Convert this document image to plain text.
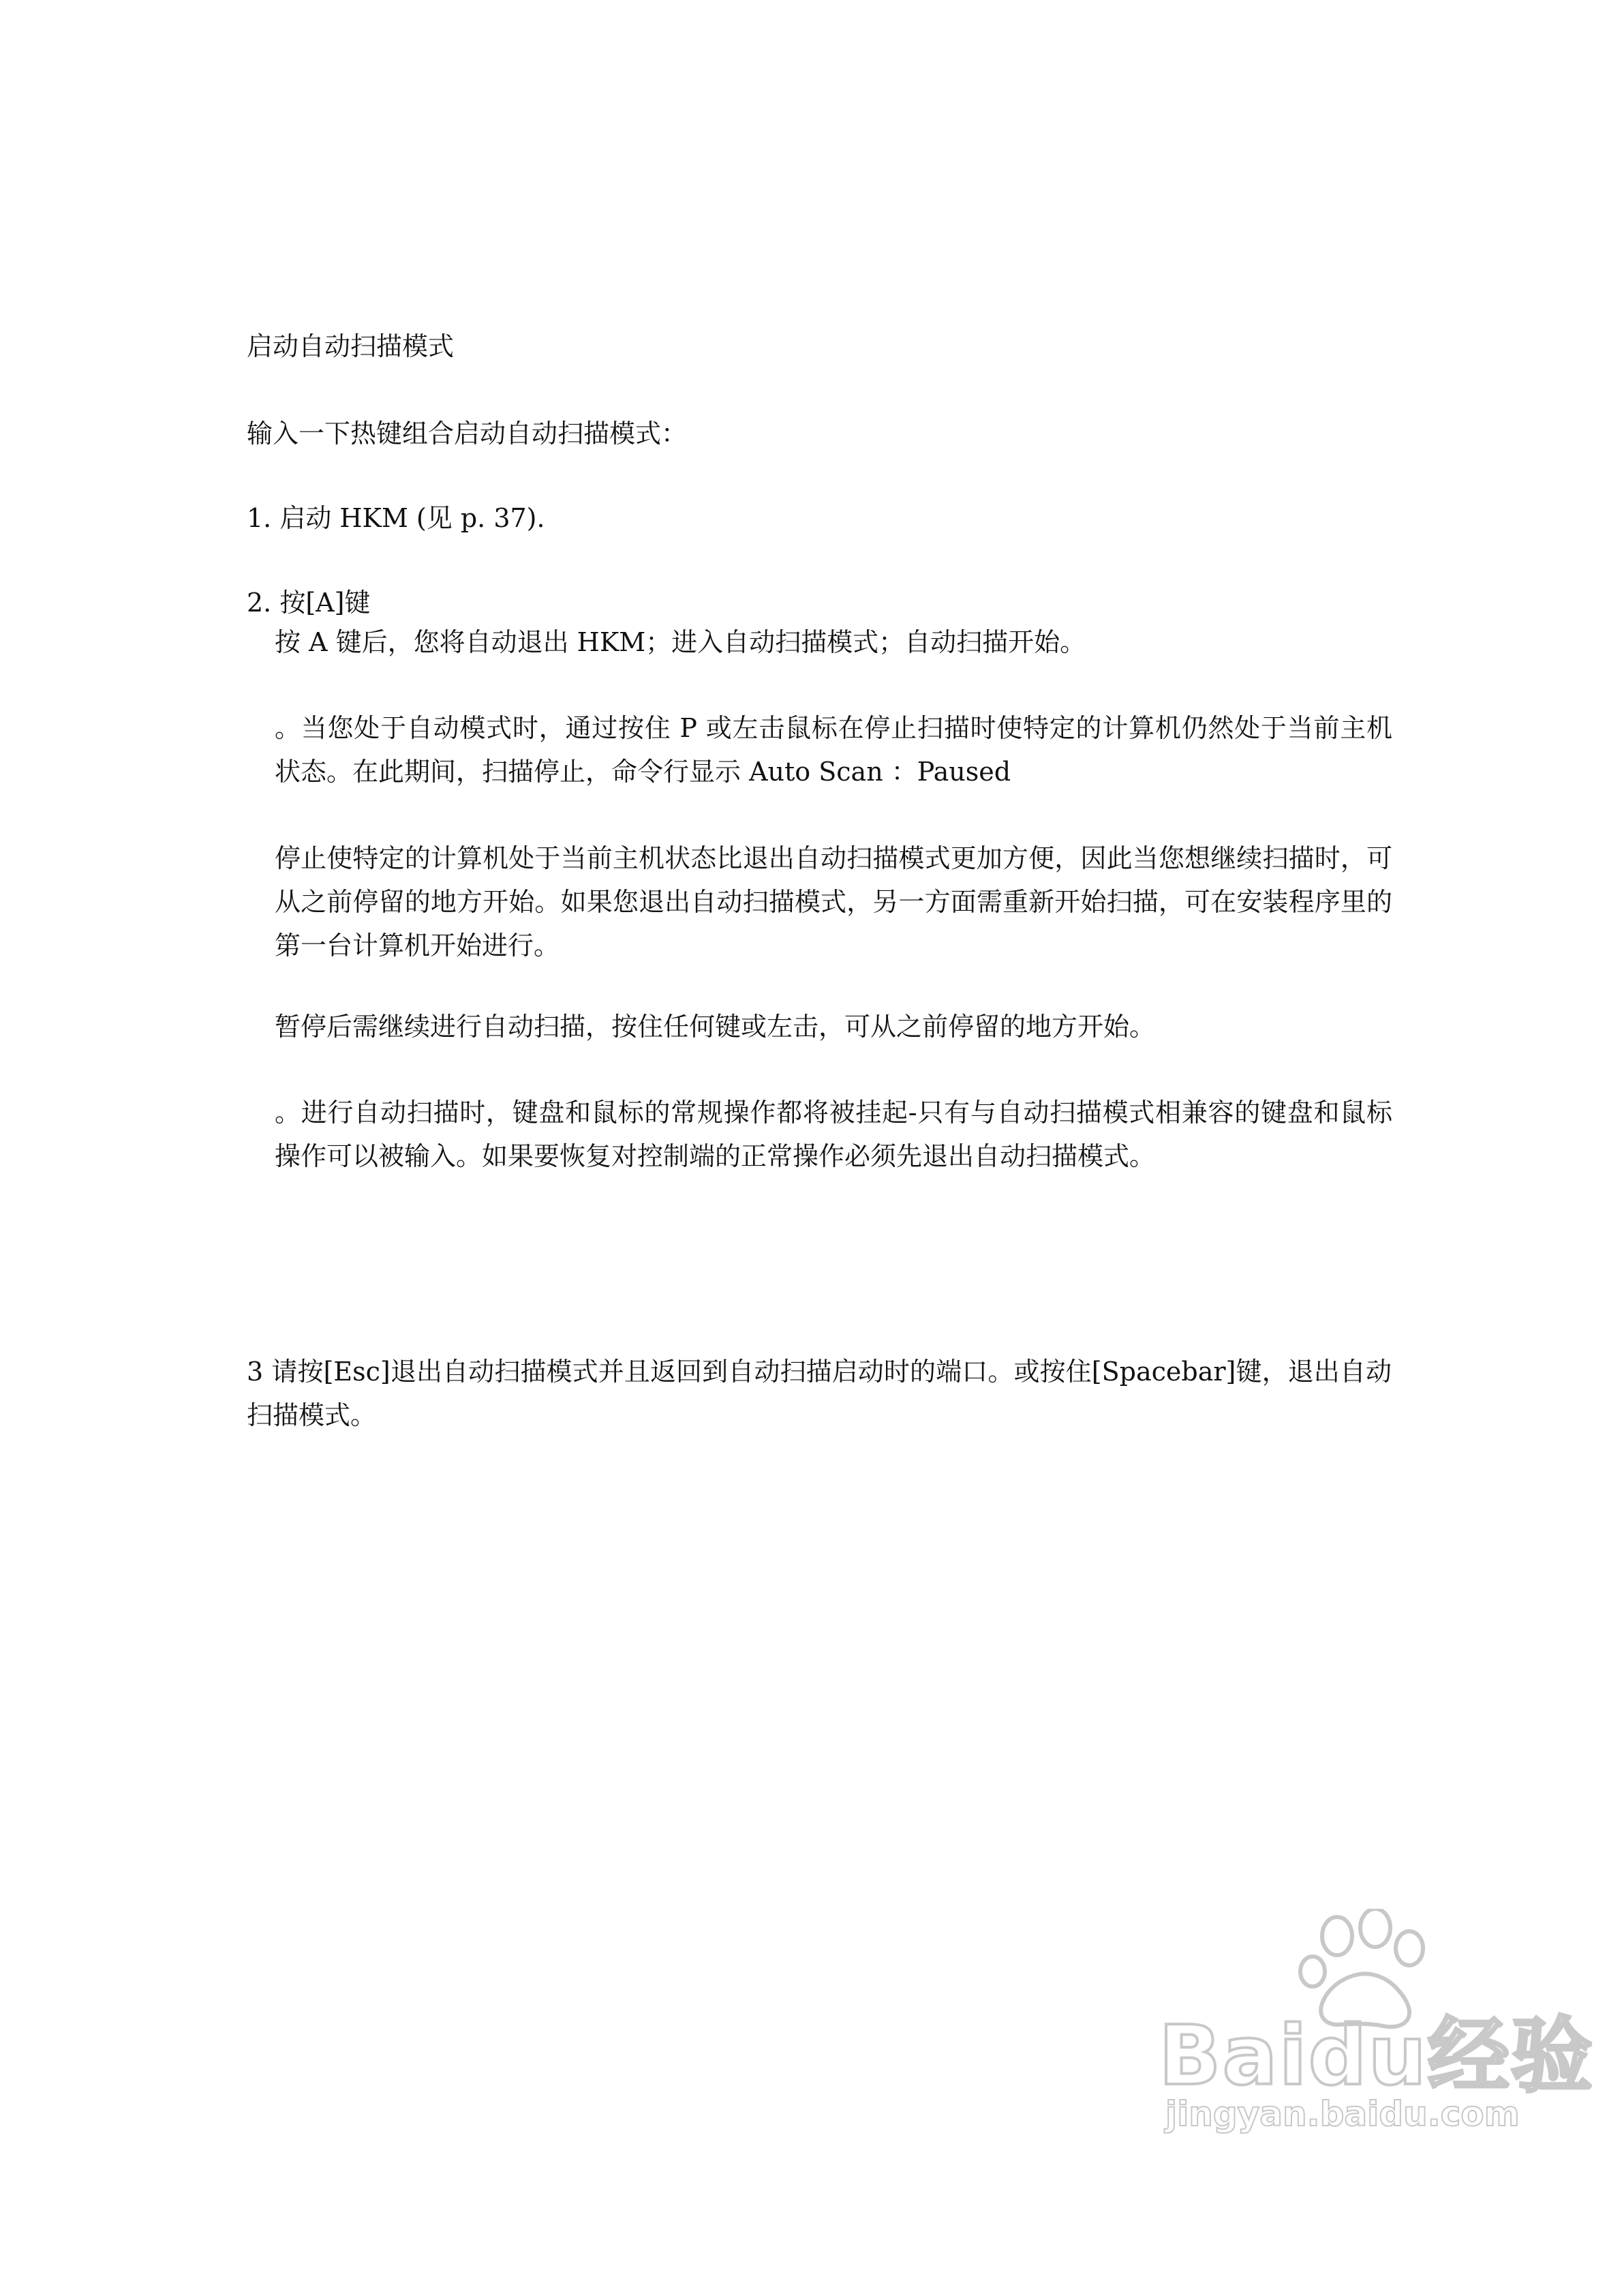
启动自动扫描模式
输入一下热键组合启动自动扫描模式：
1. 启动 HKM (见 p. 37).
2. 按[A]键
按 A 键后，您将自动退出 HKM；进入自动扫描模式；自动扫描开始。
。当您处于自动模式时，通过按住 P 或左击鼠标在停止扫描时使特定的计算机仍然处于当前主机状态。在此期间，扫描停止，命令行显示 Auto Scan ：Paused
停止使特定的计算机处于当前主机状态比退出自动扫描模式更加方便，因此当您想继续扫描时，可从之前停留的地方开始。如果您退出自动扫描模式，另一方面需重新开始扫描，可在安装程序里的第一台计算机开始进行。
暂停后需继续进行自动扫描，按住任何键或左击，可从之前停留的地方开始。
。进行自动扫描时，键盘和鼠标的常规操作都将被挂起-只有与自动扫描模式相兼容的键盘和鼠标操作可以被输入。如果要恢复对控制端的正常操作必须先退出自动扫描模式。
3 请按[Esc]退出自动扫描模式并且返回到自动扫描启动时的端口。或按住[Spacebar]键，退出自动扫描模式。
Baidu经验
jingyan.baidu.com
